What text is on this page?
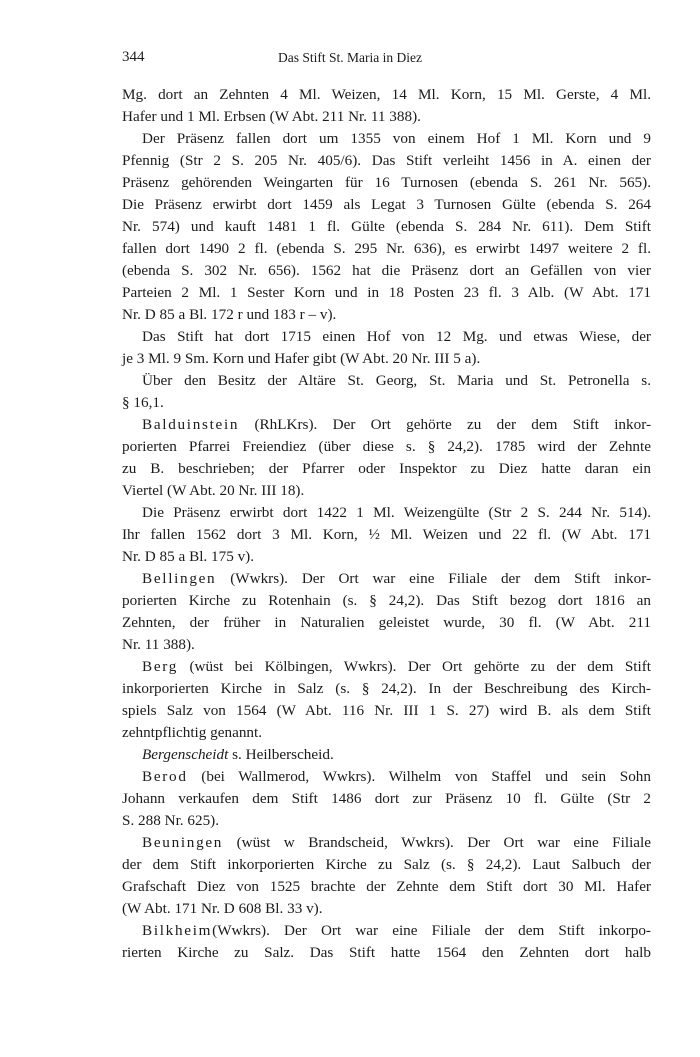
344	Das Stift St. Maria in Diez
Mg. dort an Zehnten 4 Ml. Weizen, 14 Ml. Korn, 15 Ml. Gerste, 4 Ml.
Hafer und 1 Ml. Erbsen (W Abt. 211 Nr. 11 388).
Der Präsenz fallen dort um 1355 von einem Hof 1 Ml. Korn und 9
Pfennig (Str 2 S. 205 Nr. 405/6). Das Stift verleiht 1456 in A. einen der
Präsenz gehörenden Weingarten für 16 Turnosen (ebenda S. 261 Nr. 565).
Die Präsenz erwirbt dort 1459 als Legat 3 Turnosen Gülte (ebenda S. 264
Nr. 574) und kauft 1481 1 fl. Gülte (ebenda S. 284 Nr. 611). Dem Stift
fallen dort 1490 2 fl. (ebenda S. 295 Nr. 636), es erwirbt 1497 weitere 2 fl.
(ebenda S. 302 Nr. 656). 1562 hat die Präsenz dort an Gefällen von vier
Parteien 2 Ml. 1 Sester Korn und in 18 Posten 23 fl. 3 Alb. (W Abt. 171
Nr. D 85 a Bl. 172 r und 183 r – v).
Das Stift hat dort 1715 einen Hof von 12 Mg. und etwas Wiese, der
je 3 Ml. 9 Sm. Korn und Hafer gibt (W Abt. 20 Nr. III 5 a).
Über den Besitz der Altäre St. Georg, St. Maria und St. Petronella s.
§ 16,1.
Balduinstein (RhLKrs). Der Ort gehörte zu der dem Stift inkor-
porierten Pfarrei Freiendiez (über diese s. § 24,2). 1785 wird der Zehnte
zu B. beschrieben; der Pfarrer oder Inspektor zu Diez hatte daran ein
Viertel (W Abt. 20 Nr. III 18).
Die Präsenz erwirbt dort 1422 1 Ml. Weizengülte (Str 2 S. 244 Nr. 514).
Ihr fallen 1562 dort 3 Ml. Korn, ½ Ml. Weizen und 22 fl. (W Abt. 171
Nr. D 85 a Bl. 175 v).
Bellingen (Wwkrs). Der Ort war eine Filiale der dem Stift inkor-
porierten Kirche zu Rotenhain (s. § 24,2). Das Stift bezog dort 1816 an
Zehnten, der früher in Naturalien geleistet wurde, 30 fl. (W Abt. 211
Nr. 11 388).
Berg (wüst bei Kölbingen, Wwkrs). Der Ort gehörte zu der dem Stift
inkorporierten Kirche in Salz (s. § 24,2). In der Beschreibung des Kirch-
spiels Salz von 1564 (W Abt. 116 Nr. III 1 S. 27) wird B. als dem Stift
zehntpflichtig genannt.
Bergenscheidt s. Heilberscheid.
Berod (bei Wallmerod, Wwkrs). Wilhelm von Staffel und sein Sohn
Johann verkaufen dem Stift 1486 dort zur Präsenz 10 fl. Gülte (Str 2
S. 288 Nr. 625).
Beuningen (wüst w Brandscheid, Wwkrs). Der Ort war eine Filiale
der dem Stift inkorporierten Kirche zu Salz (s. § 24,2). Laut Salbuch der
Grafschaft Diez von 1525 brachte der Zehnte dem Stift dort 30 Ml. Hafer
(W Abt. 171 Nr. D 608 Bl. 33 v).
Bilkheim(Wwkrs). Der Ort war eine Filiale der dem Stift inkorpo-
rierten Kirche zu Salz. Das Stift hatte 1564 den Zehnten dort halb
